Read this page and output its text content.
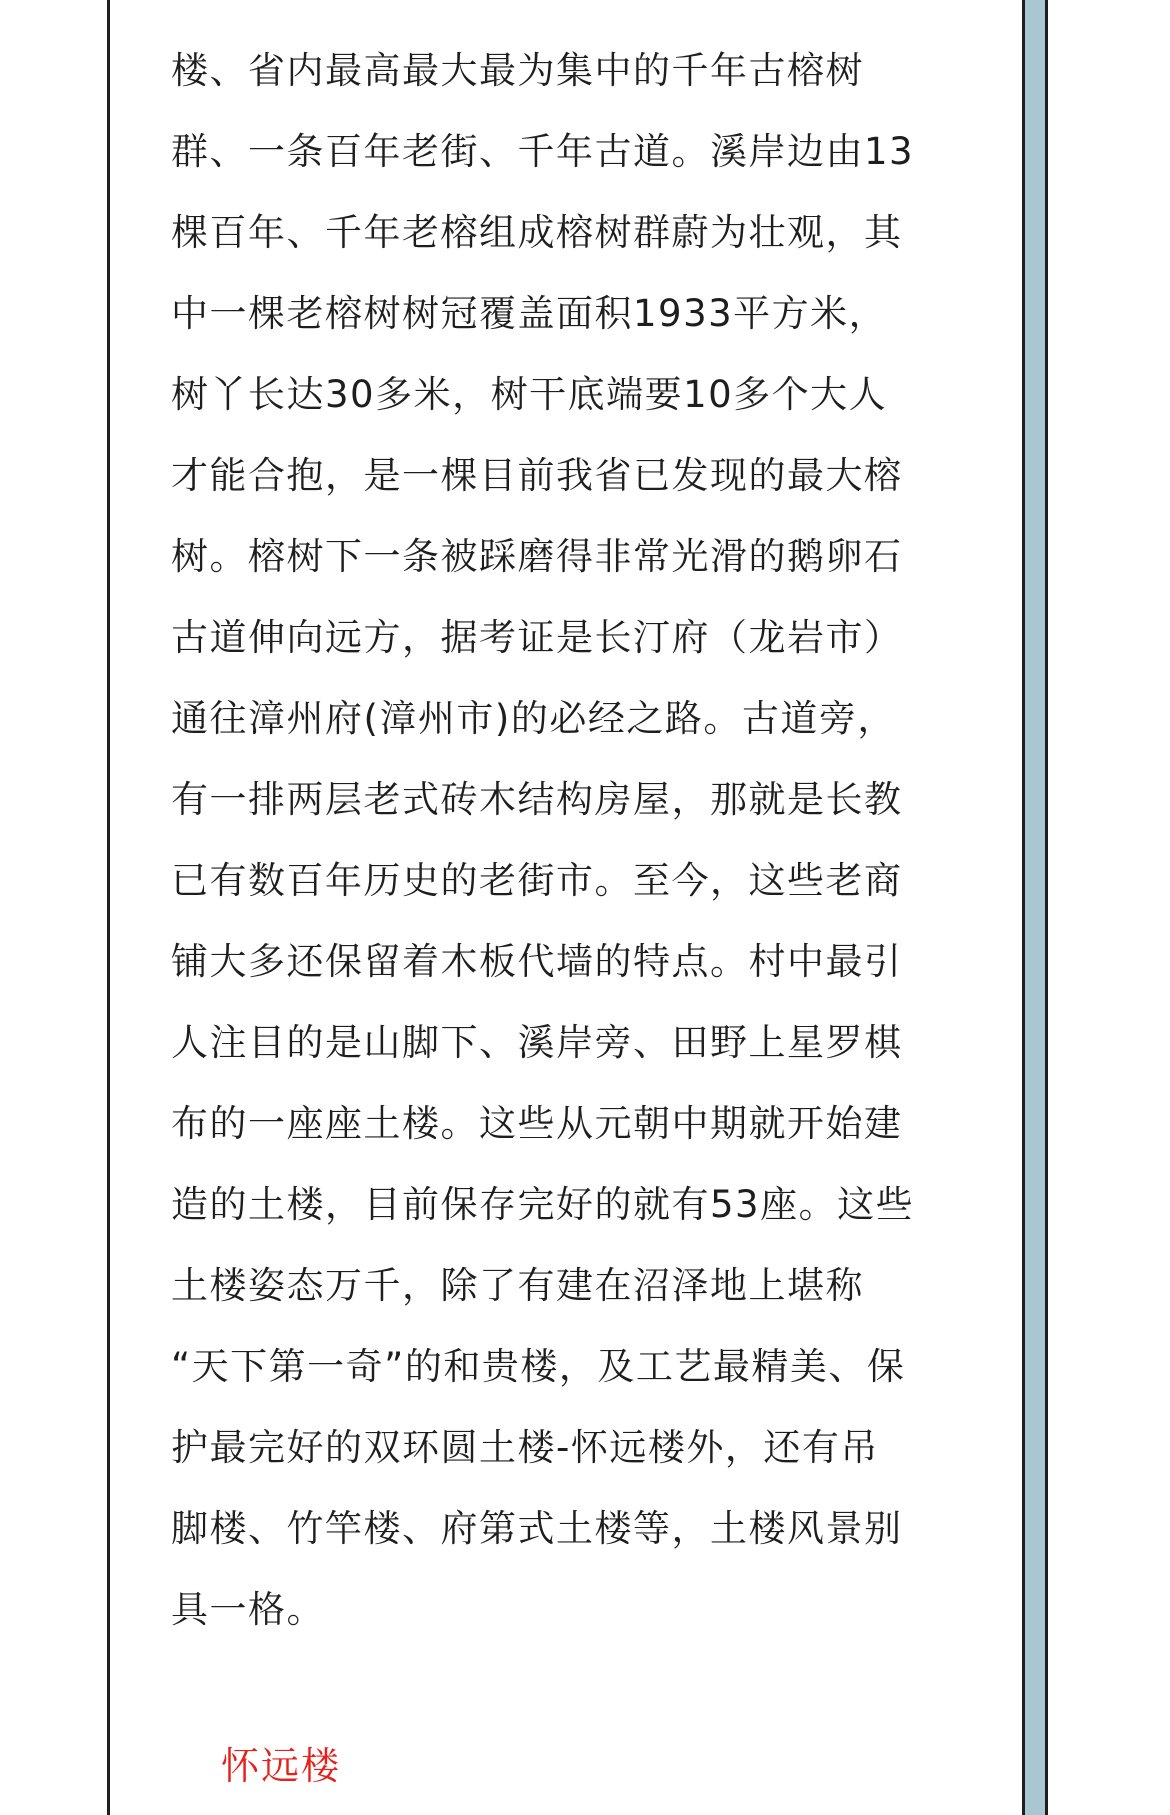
楼、省内最高最大最为集中的千年古榕树
群、一条百年老街、千年古道。溪岸边由13
棵百年、千年老榕组成榕树群蔚为壮观，其
中一棵老榕树树冠覆盖面积1933平方米，
树丫长达30多米，树干底端要10多个大人
才能合抱，是一棵目前我省已发现的最大榕
树。榕树下一条被踩磨得非常光滑的鹅卵石
古道伸向远方，据考证是长汀府（龙岩市）
通往漳州府(漳州市)的必经之路。古道旁，
有一排两层老式砖木结构房屋，那就是长教
已有数百年历史的老街市。至今，这些老商
铺大多还保留着木板代墙的特点。村中最引
人注目的是山脚下、溪岸旁、田野上星罗棋
布的一座座土楼。这些从元朝中期就开始建
造的土楼，目前保存完好的就有53座。这些
土楼姿态万千，除了有建在沼泽地上堪称
“天下第一奇”的和贵楼，及工艺最精美、保
护最完好的双环圆土楼-怀远楼外，还有吊
脚楼、竹竿楼、府第式土楼等，土楼风景别
具一格。
怀远楼
